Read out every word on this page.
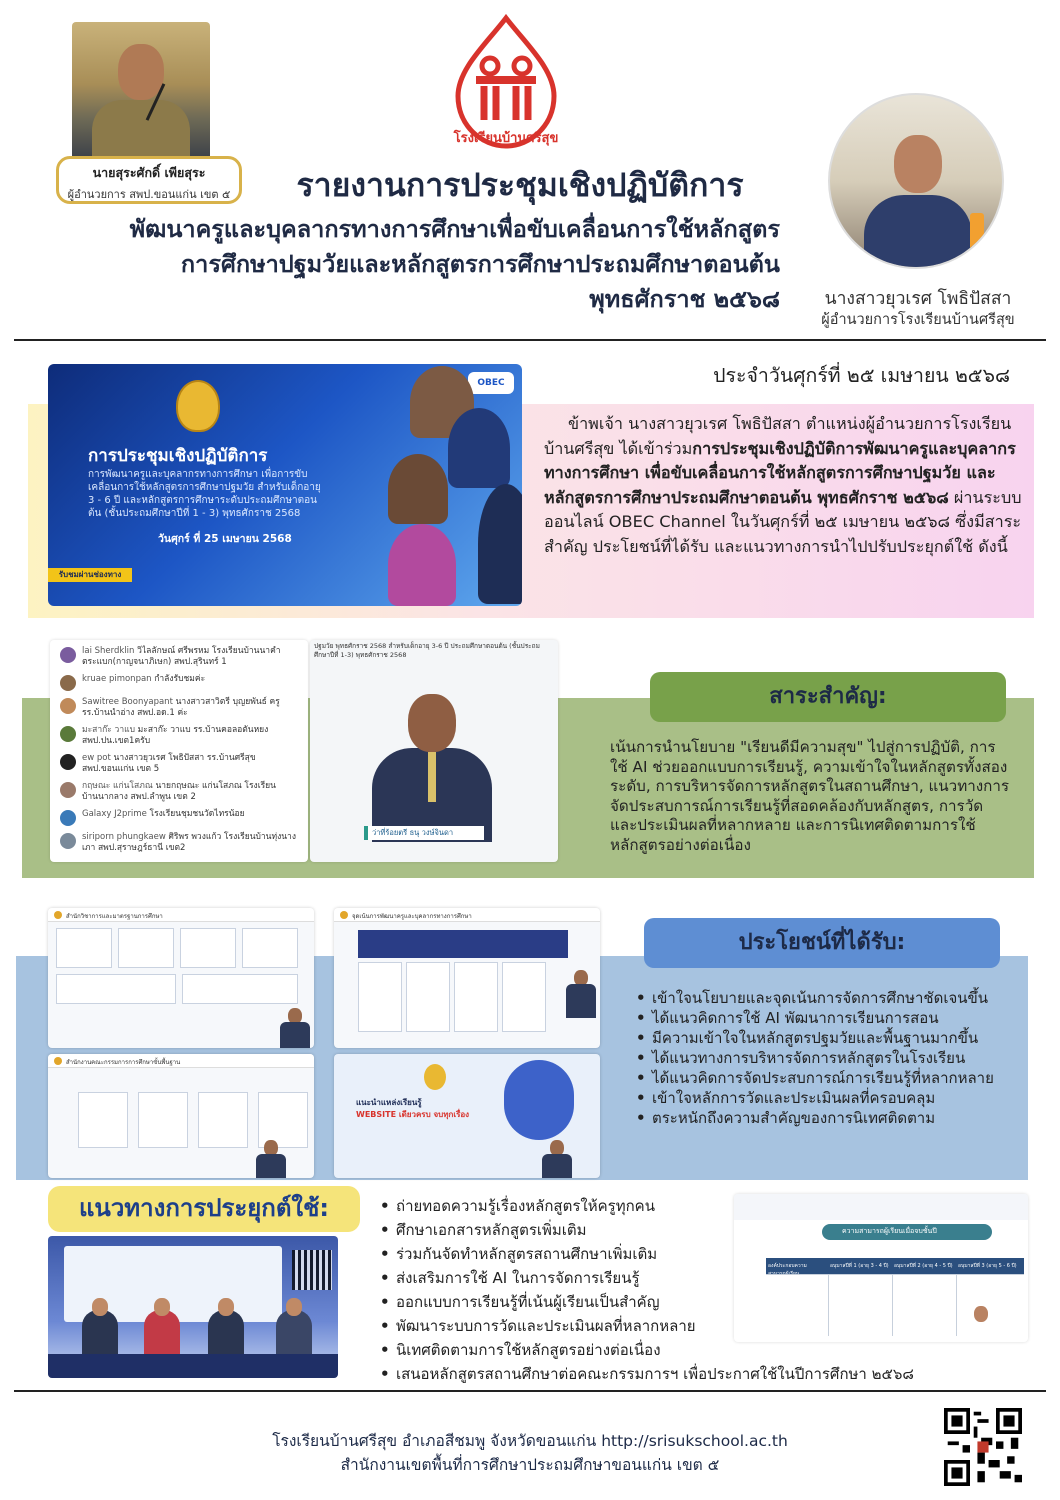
นายสุระศักดิ์ เพียสุระ
ผู้อำนวยการ สพป.ขอนแก่น เขต ๕
โรงเรียนบ้านศรีสุข
รายงานการประชุมเชิงปฏิบัติการ
พัฒนาครูและบุคลากรทางการศึกษาเพื่อขับเคลื่อนการใช้หลักสูตร
การศึกษาปฐมวัยและหลักสูตรการศึกษาประถมศึกษาตอนต้น
พุทธศักราช ๒๕๖๘	นางสาวยุวเรศ โพธิปัสสา
ผู้อำนวยการโรงเรียนบ้านศรีสุข
ประจำวันศุกร์ที่ ๒๕ เมษายน ๒๕๖๘
OBEC
การประชุมเชิงปฏิบัติการ
การพัฒนาครูและบุคลากรทางการศึกษา เพื่อการขับเคลื่อนการใช้หลักสูตรการศึกษาปฐมวัย สำหรับเด็กอายุ 3 - 6 ปี และหลักสูตรการศึกษาระดับประถมศึกษาตอนต้น (ชั้นประถมศึกษาปีที่ 1 - 3) พุทธศักราช 2568
วันศุกร์ ที่ 25 เมษายน 2568
รับชมผ่านช่องทาง
ข้าพเจ้า นางสาวยุวเรศ โพธิปัสสา ตำแหน่งผู้อำนวยการโรงเรียนบ้านศรีสุข ได้เข้าร่วมการประชุมเชิงปฏิบัติการพัฒนาครูและบุคลากรทางการศึกษา เพื่อขับเคลื่อนการใช้หลักสูตรการศึกษาปฐมวัย และหลักสูตรการศึกษาประถมศึกษาตอนต้น พุทธศักราช ๒๕๖๘ ผ่านระบบออนไลน์ OBEC Channel ในวันศุกร์ที่ ๒๕ เมษายน ๒๕๖๘ ซึ่งมีสาระสำคัญ ประโยชน์ที่ได้รับ และแนวทางการนำไปปรับประยุกต์ใช้ ดังนี้
lai Sherdklin วิไลลักษณ์ ศรีพรหม โรงเรียนบ้านนาคำตระแบก(กาญจนาภิเษก) สพป.สุรินทร์ 1
kruae pimonpan กำลังรับชมค่ะ
Sawitree Boonyapant นางสาวสาวิตรี บุญยพันธ์ ครูรร.บ้านนำอ่าง สพป.อด.1 ค่ะ
มะสาก๊ะ วาแบ มะสาก๊ะ วาแบ รร.บ้านคอลอตันหยง สพป.ปน.เขต1ครับ
ew pot นางสาวยุวเรศ โพธิปัสสา รร.บ้านศรีสุข สพป.ขอนแก่น เขต 5
กฤษณะ แก่นโสภณ นายกฤษณะ แก่นโสภณ โรงเรียนบ้านนากลาง สพป.ลำพูน เขต 2
Galaxy J2prime โรงเรียนชุมชนวัดไทรน้อย
siriporn phungkaew ศิริพร พวงแก้ว โรงเรียนบ้านทุ่งนางเภา สพป.สุราษฎร์ธานี เขต2
ปฐมวัย พุทธศักราช 2568 สำหรับเด็กอายุ 3-6 ปี ประถมศึกษาตอนต้น (ชั้นประถมศึกษาปีที่ 1-3) พุทธศักราช 2568
ว่าที่ร้อยตรี ธนุ วงษ์จินดา
สาระสำคัญ:
เน้นการนำนโยบาย "เรียนดีมีความสุข" ไปสู่การปฏิบัติ, การใช้ AI ช่วยออกแบบการเรียนรู้, ความเข้าใจในหลักสูตรทั้งสองระดับ, การบริหารจัดการหลักสูตรในสถานศึกษา, แนวทางการจัดประสบการณ์การเรียนรู้ที่สอดคล้องกับหลักสูตร, การวัดและประเมินผลที่หลากหลาย และการนิเทศติดตามการใช้หลักสูตรอย่างต่อเนื่อง
สำนักวิชาการและมาตรฐานการศึกษา	จุดเน้นการพัฒนาครูและบุคลากรทางการศึกษา
สำนักงานคณะกรรมการการศึกษาขั้นพื้นฐาน
แนะนำแหล่งเรียนรู้
WEBSITE เดียวครบ จบทุกเรื่อง
ประโยชน์ที่ได้รับ:
• เข้าใจนโยบายและจุดเน้นการจัดการศึกษาชัดเจนขึ้น
• ได้แนวคิดการใช้ AI พัฒนาการเรียนการสอน
• มีความเข้าใจในหลักสูตรปฐมวัยและพื้นฐานมากขึ้น
• ได้แนวทางการบริหารจัดการหลักสูตรในโรงเรียน
• ได้แนวคิดการจัดประสบการณ์การเรียนรู้ที่หลากหลาย
• เข้าใจหลักการวัดและประเมินผลที่ครอบคลุม
• ตระหนักถึงความสำคัญของการนิเทศติดตาม
แนวทางการประยุกต์ใช้:
•	ถ่ายทอดความรู้เรื่องหลักสูตรให้ครูทุกคน
• ศึกษาเอกสารหลักสูตรเพิ่มเติม
• ร่วมกันจัดทำหลักสูตรสถานศึกษาเพิ่มเติม
• ส่งเสริมการใช้ AI ในการจัดการเรียนรู้
• ออกแบบการเรียนรู้ที่เน้นผู้เรียนเป็นสำคัญ
• พัฒนาระบบการวัดและประเมินผลที่หลากหลาย
• นิเทศติดตามการใช้หลักสูตรอย่างต่อเนื่อง
• เสนอหลักสูตรสถานศึกษาต่อคณะกรรมการฯ เพื่อประกาศใช้ในปีการศึกษา ๒๕๖๘
ความสามารถผู้เรียนเมื่อจบชั้นปี
องค์ประกอบความ	อนุบาลปีที่ 1 (อายุ 3 - 4 ปี) อนุบาลปีที่ 2 (อายุ 4 - 5 ปี) อนุบาลปีที่ 3 (อายุ 5 - 6 ปี)
โรงเรียนบ้านศรีสุข อำเภอสีชมพู จังหวัดขอนแก่น http://srisukschool.ac.th
สำนักงานเขตพื้นที่การศึกษาประถมศึกษาขอนแก่น เขต ๕
